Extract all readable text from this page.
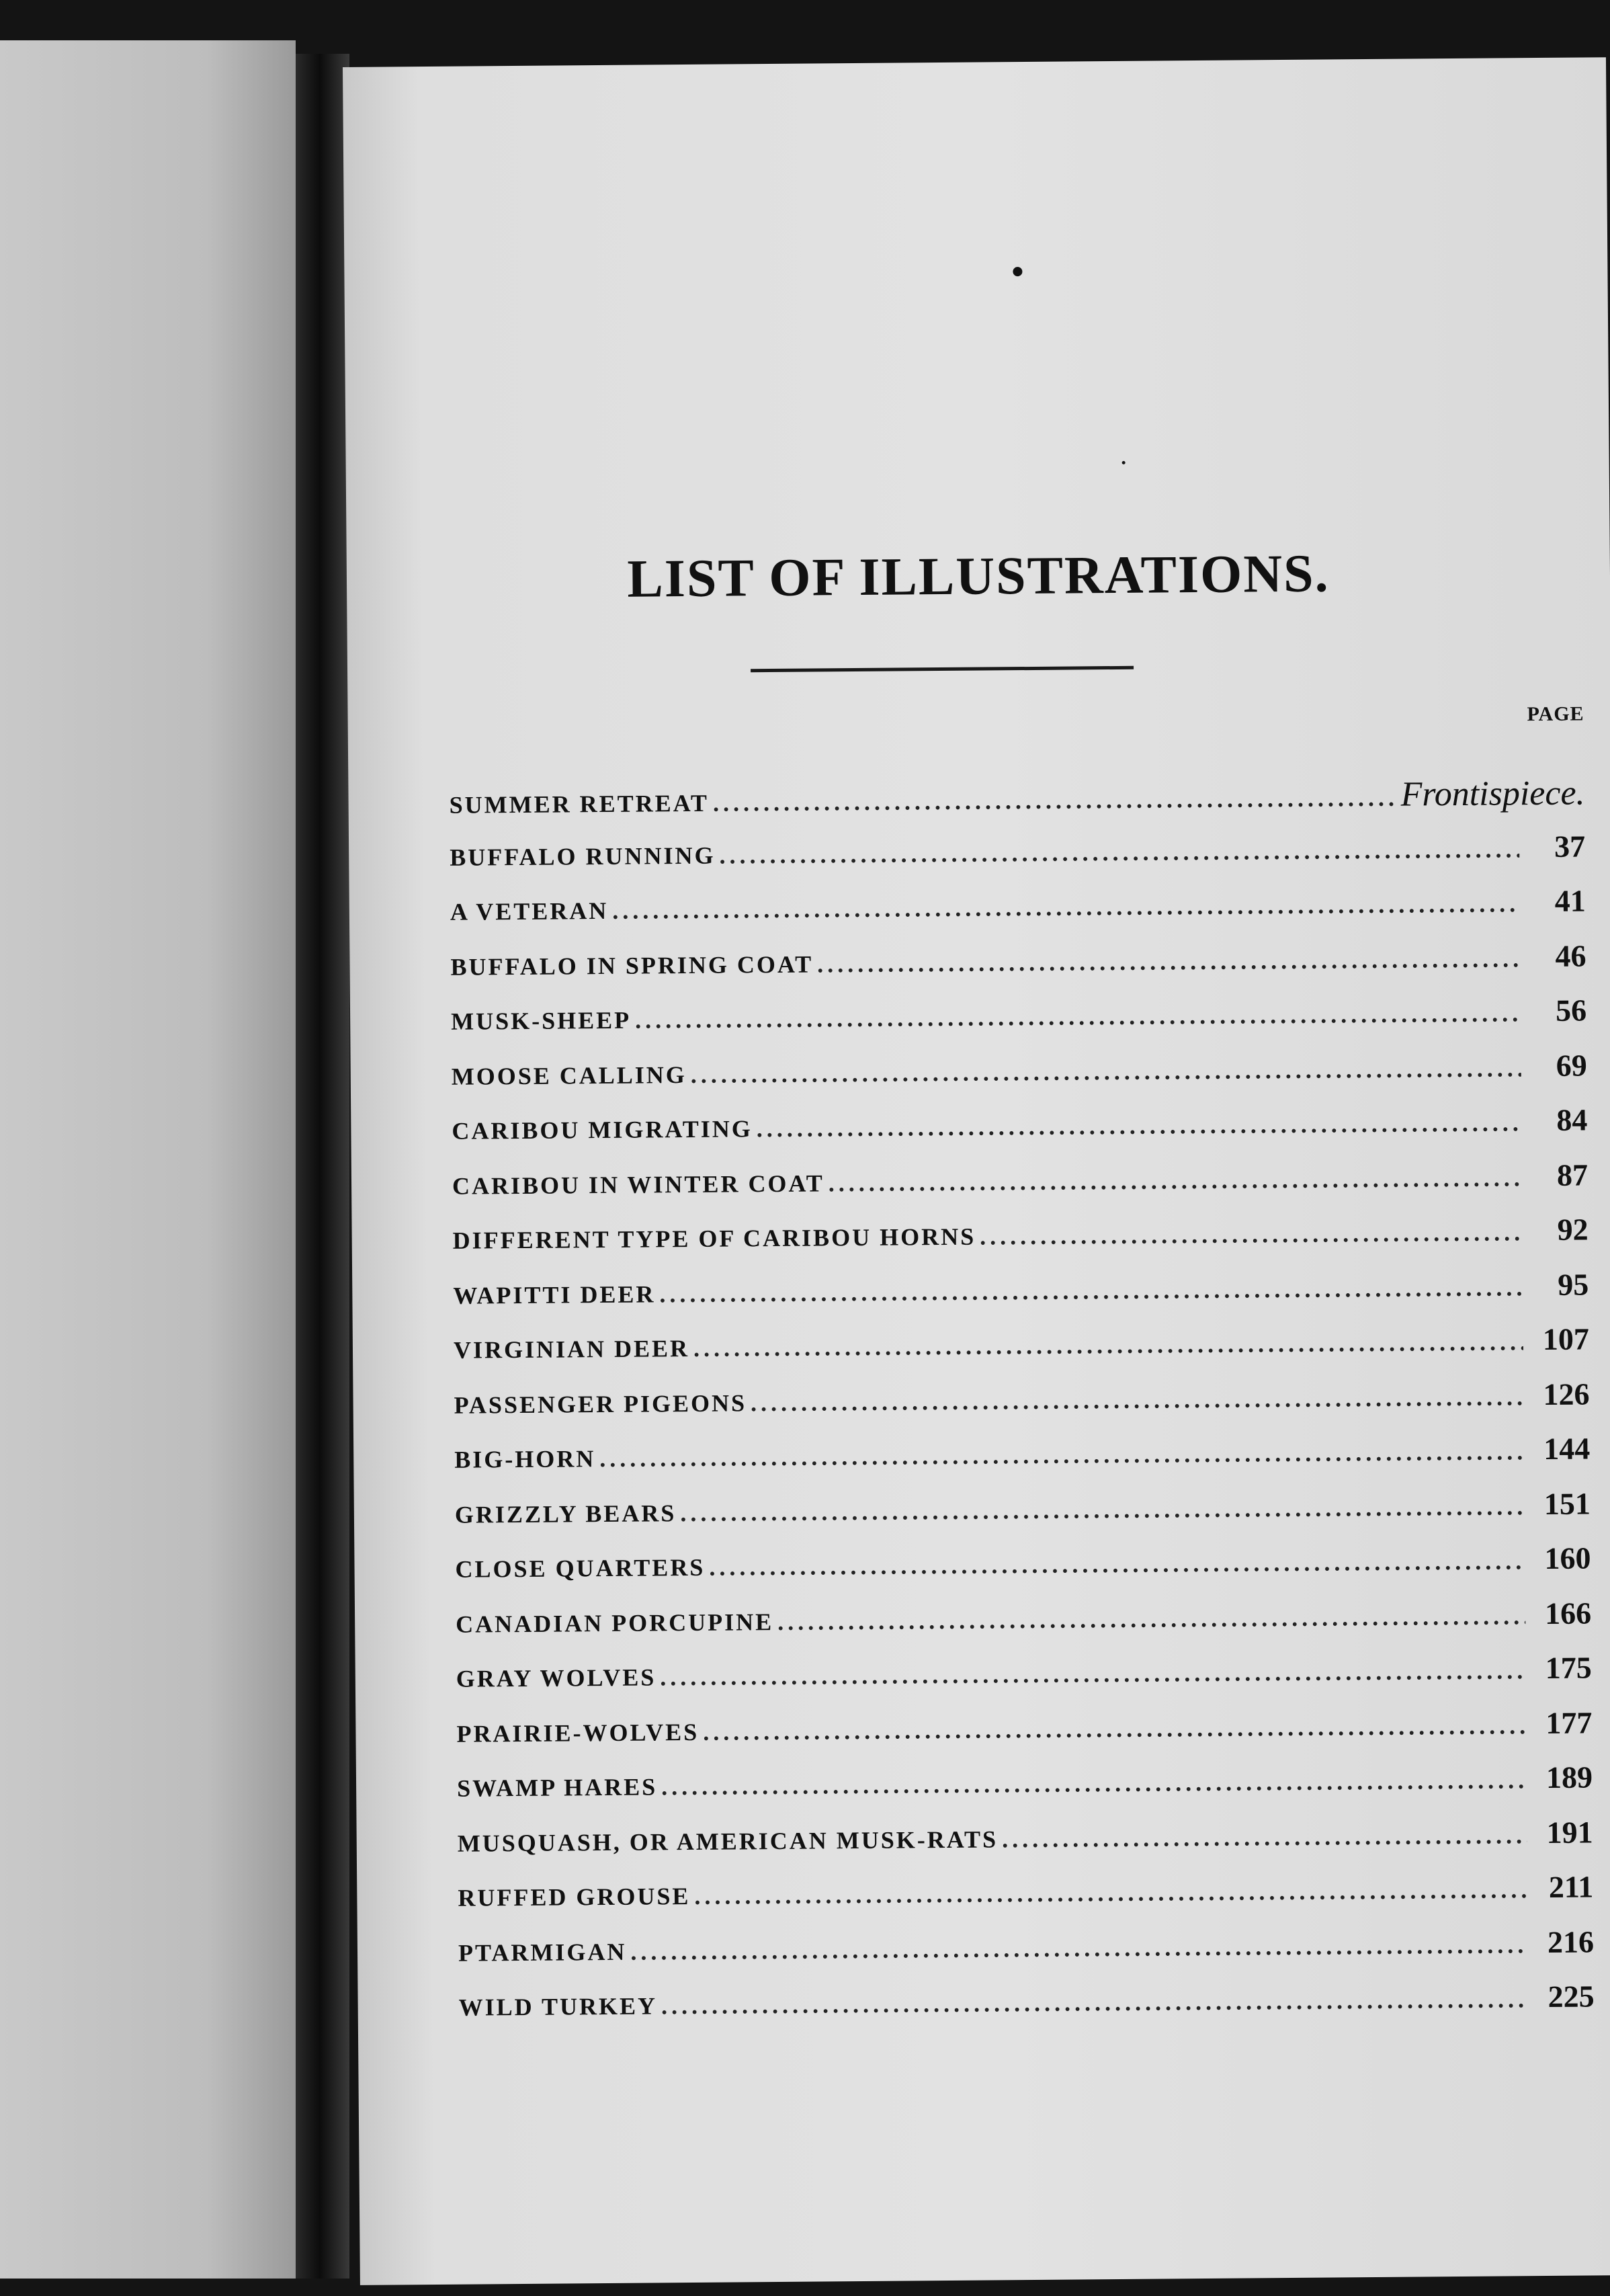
LIST OF ILLUSTRATIONS.
PAGE
SUMMER RETREAT .....	Frontispiece.
BUFFALO RUNNING .....	37
A VETERAN .....	41
BUFFALO IN SPRING COAT .....	46
MUSK-SHEEP .....	56
MOOSE CALLING .....	69
CARIBOU MIGRATING .....	84
CARIBOU IN WINTER COAT .....	87
DIFFERENT TYPE OF CARIBOU HORNS .....	92
WAPITTI DEER .....	95
VIRGINIAN DEER .....	107
PASSENGER PIGEONS .....	126
BIG-HORN .....	144
GRIZZLY BEARS .....	151
CLOSE QUARTERS .....	160
CANADIAN PORCUPINE .....	166
GRAY WOLVES .....	175
PRAIRIE-WOLVES .....	177
SWAMP HARES .....	189
MUSQUASH, OR AMERICAN MUSK-RATS .....	191
RUFFED GROUSE .....	211
PTARMIGAN .....	216
WILD TURKEY .....	225
